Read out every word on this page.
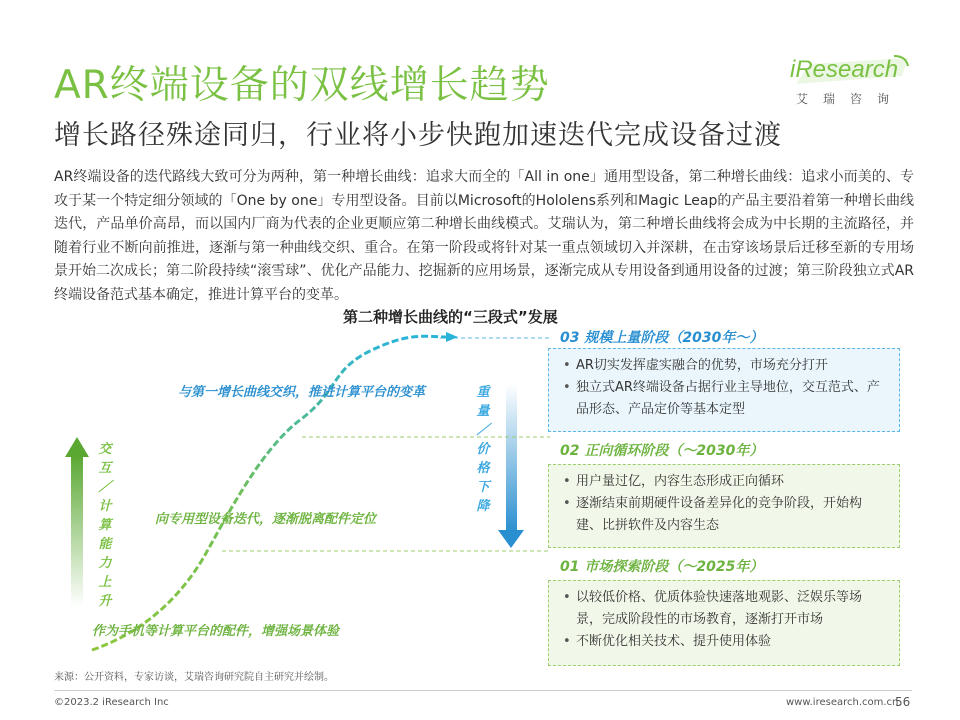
AR终端设备的双线增长趋势
增长路径殊途同归，行业将小步快跑加速迭代完成设备过渡
iResearch
艾瑞咨询
AR终端设备的迭代路线大致可分为两种，第一种增长曲线：追求大而全的「All in one」通用型设备，第二种增长曲线：追求小而美的、专攻于某一个特定细分领域的「One by one」专用型设备。目前以Microsoft的Hololens系列和Magic Leap的产品主要沿着第一种增长曲线迭代，产品单价高昂，而以国内厂商为代表的企业更顺应第二种增长曲线模式。艾瑞认为，第二种增长曲线将会成为中长期的主流路径，并随着行业不断向前推进，逐渐与第一种曲线交织、重合。在第一阶段或将针对某一重点领域切入并深耕，在击穿该场景后迁移至新的专用场景开始二次成长；第二阶段持续“滚雪球”、优化产品能力、挖掘新的应用场景，逐渐完成从专用设备到通用设备的过渡；第三阶段独立式AR终端设备范式基本确定，推进计算平台的变革。
第二种增长曲线的“三段式”发展
交
互
／
计
算
能
力
上
升
重
量
／
价
格
下
降
与第一增长曲线交织，推进计算平台的变革
向专用型设备迭代，逐渐脱离配件定位
作为手机等计算平台的配件，增强场景体验
03 规模上量阶段（2030年～）
• AR切实发挥虚实融合的优势，市场充分打开
• 独立式AR终端设备占据行业主导地位，交互范式、产品形态、产品定价等基本定型
02 正向循环阶段（～2030年）
• 用户量过亿，内容生态形成正向循环
• 逐渐结束前期硬件设备差异化的竞争阶段，开始构建、比拼软件及内容生态
01 市场探索阶段（～2025年）
• 以较低价格、优质体验快速落地观影、泛娱乐等场景，完成阶段性的市场教育，逐渐打开市场
• 不断优化相关技术、提升使用体验
来源：公开资料，专家访谈，艾瑞咨询研究院自主研究并绘制。
©2023.2 iResearch Inc	www.iresearch.com.cn
56
